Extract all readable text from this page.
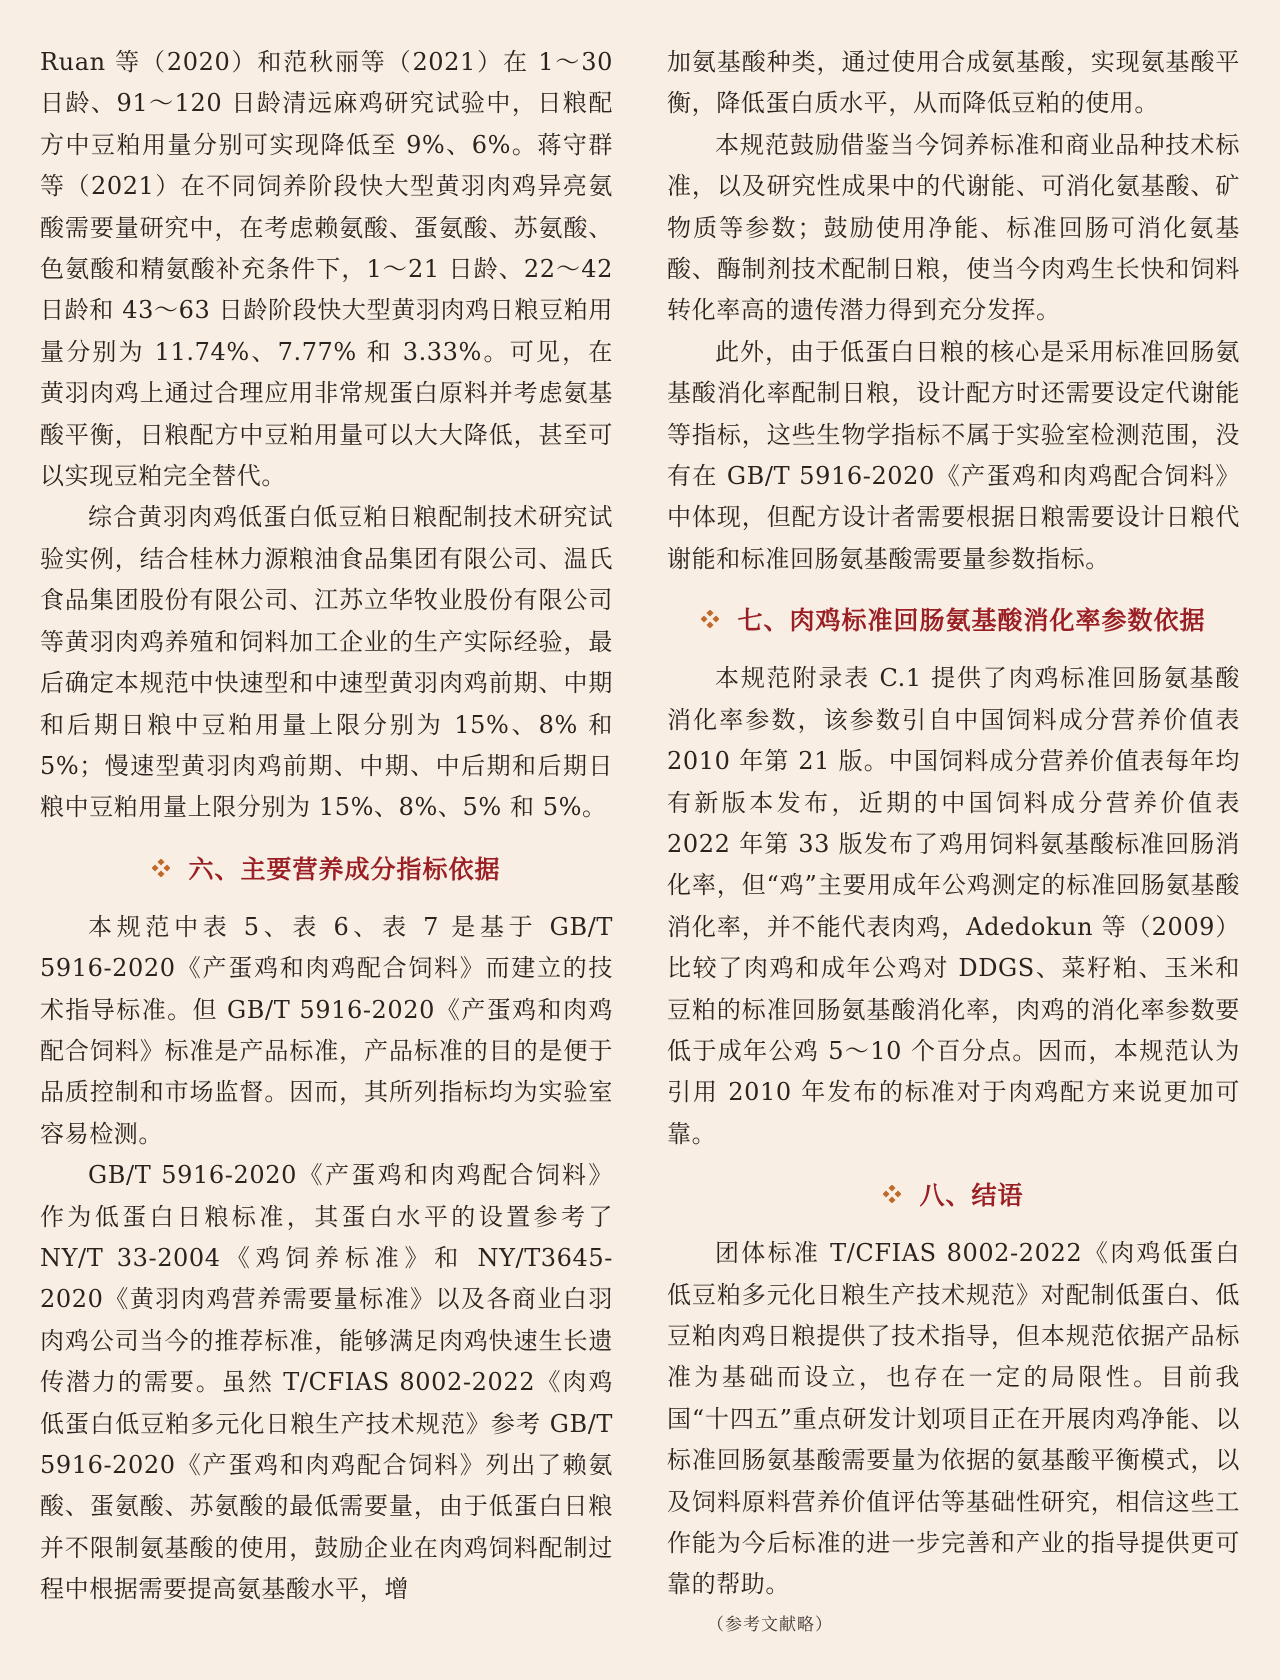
Ruan 等（2020）和范秋丽等（2021）在 1～30 日龄、91～120 日龄清远麻鸡研究试验中，日粮配方中豆粕用量分别可实现降低至 9%、6%。蒋守群等（2021）在不同饲养阶段快大型黄羽肉鸡异亮氨酸需要量研究中，在考虑赖氨酸、蛋氨酸、苏氨酸、色氨酸和精氨酸补充条件下，1～21 日龄、22～42 日龄和 43～63 日龄阶段快大型黄羽肉鸡日粮豆粕用量分别为 11.74%、7.77% 和 3.33%。可见，在黄羽肉鸡上通过合理应用非常规蛋白原料并考虑氨基酸平衡，日粮配方中豆粕用量可以大大降低，甚至可以实现豆粕完全替代。

综合黄羽肉鸡低蛋白低豆粕日粮配制技术研究试验实例，结合桂林力源粮油食品集团有限公司、温氏食品集团股份有限公司、江苏立华牧业股份有限公司等黄羽肉鸡养殖和饲料加工企业的生产实际经验，最后确定本规范中快速型和中速型黄羽肉鸡前期、中期和后期日粮中豆粕用量上限分别为 15%、8% 和 5%；慢速型黄羽肉鸡前期、中期、中后期和后期日粮中豆粕用量上限分别为 15%、8%、5% 和 5%。

六、主要营养成分指标依据

本规范中表 5、表 6、表 7 是基于 GB/T 5916-2020《产蛋鸡和肉鸡配合饲料》而建立的技术指导标准。但 GB/T 5916-2020《产蛋鸡和肉鸡配合饲料》标准是产品标准，产品标准的目的是便于品质控制和市场监督。因而，其所列指标均为实验室容易检测。

GB/T 5916-2020《产蛋鸡和肉鸡配合饲料》作为低蛋白日粮标准，其蛋白水平的设置参考了 NY/T 33-2004《鸡饲养标准》和 NY/T3645-2020《黄羽肉鸡营养需要量标准》以及各商业白羽肉鸡公司当今的推荐标准，能够满足肉鸡快速生长遗传潜力的需要。虽然 T/CFIAS 8002-2022《肉鸡低蛋白低豆粕多元化日粮生产技术规范》参考 GB/T 5916-2020《产蛋鸡和肉鸡配合饲料》列出了赖氨酸、蛋氨酸、苏氨酸的最低需要量，由于低蛋白日粮并不限制氨基酸的使用，鼓励企业在肉鸡饲料配制过程中根据需要提高氨基酸水平，增

加氨基酸种类，通过使用合成氨基酸，实现氨基酸平衡，降低蛋白质水平，从而降低豆粕的使用。

本规范鼓励借鉴当今饲养标准和商业品种技术标准，以及研究性成果中的代谢能、可消化氨基酸、矿物质等参数；鼓励使用净能、标准回肠可消化氨基酸、酶制剂技术配制日粮，使当今肉鸡生长快和饲料转化率高的遗传潜力得到充分发挥。

此外，由于低蛋白日粮的核心是采用标准回肠氨基酸消化率配制日粮，设计配方时还需要设定代谢能等指标，这些生物学指标不属于实验室检测范围，没有在 GB/T 5916-2020《产蛋鸡和肉鸡配合饲料》中体现，但配方设计者需要根据日粮需要设计日粮代谢能和标准回肠氨基酸需要量参数指标。

七、肉鸡标准回肠氨基酸消化率参数依据

本规范附录表 C.1 提供了肉鸡标准回肠氨基酸消化率参数，该参数引自中国饲料成分营养价值表 2010 年第 21 版。中国饲料成分营养价值表每年均有新版本发布，近期的中国饲料成分营养价值表 2022 年第 33 版发布了鸡用饲料氨基酸标准回肠消化率，但“鸡”主要用成年公鸡测定的标准回肠氨基酸消化率，并不能代表肉鸡，Adedokun 等（2009）比较了肉鸡和成年公鸡对 DDGS、菜籽粕、玉米和豆粕的标准回肠氨基酸消化率，肉鸡的消化率参数要低于成年公鸡 5～10 个百分点。因而，本规范认为引用 2010 年发布的标准对于肉鸡配方来说更加可靠。

八、结语

团体标准 T/CFIAS 8002-2022《肉鸡低蛋白低豆粕多元化日粮生产技术规范》对配制低蛋白、低豆粕肉鸡日粮提供了技术指导，但本规范依据产品标准为基础而设立，也存在一定的局限性。目前我国“十四五”重点研发计划项目正在开展肉鸡净能、以标准回肠氨基酸需要量为依据的氨基酸平衡模式，以及饲料原料营养价值评估等基础性研究，相信这些工作能为今后标准的进一步完善和产业的指导提供更可靠的帮助。

（参考文献略）
